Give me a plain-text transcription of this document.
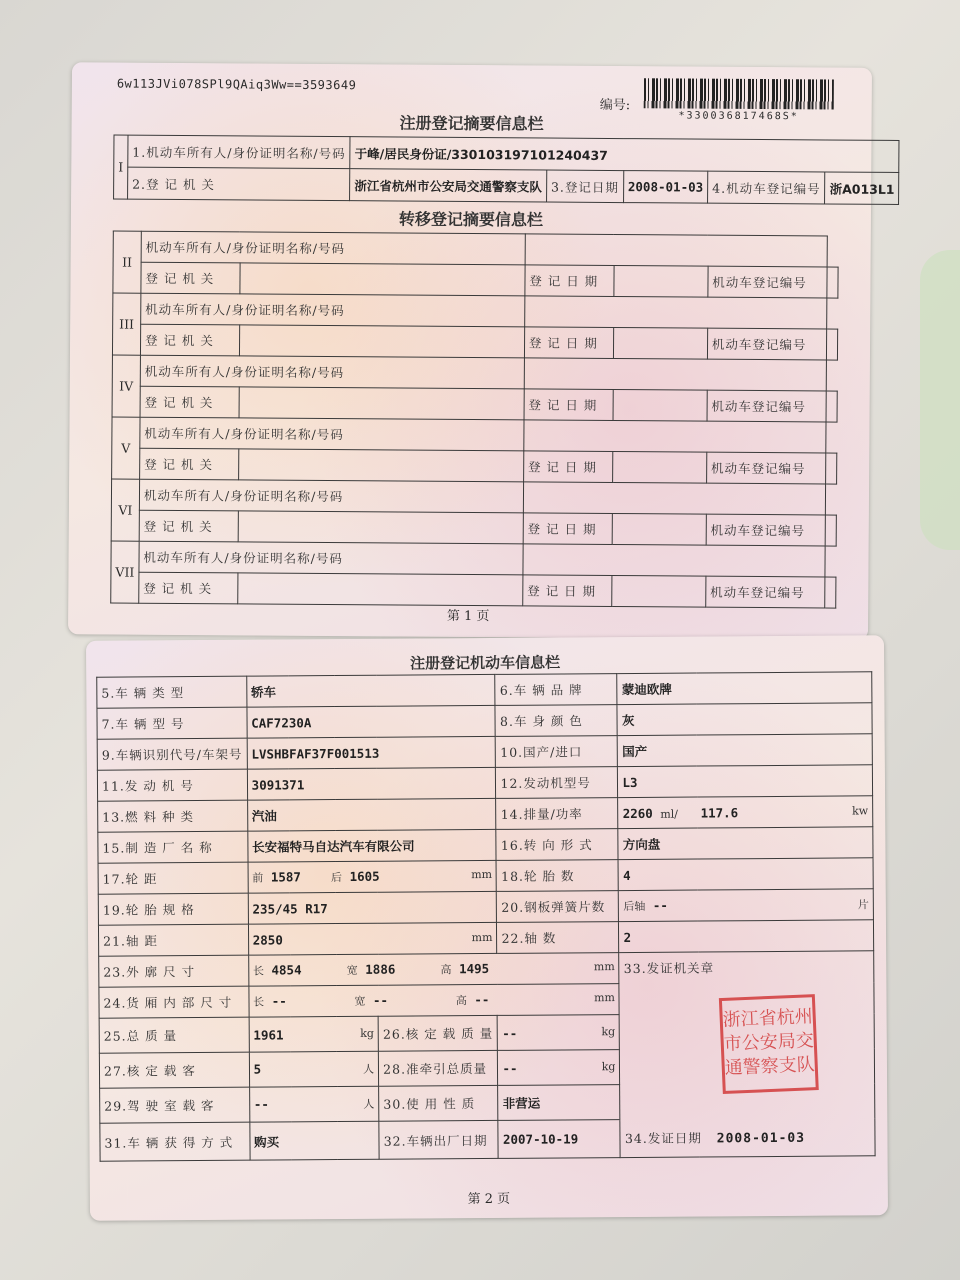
6w113JVi078SPl9QAiq3Ww==3593649
编号:
*330036817468S*
注册登记摘要信息栏
I	1.机动车所有人/身份证明名称/号码	于峰/居民身份证/330103197101240437				
	2.登 记 机 关	浙江省杭州市公安局交通警察支队	3.登记日期	2008-01-03	4.机动车登记编号	浙A013L1
转移登记摘要信息栏
II	机动车所有人/身份证明名称/号码					
	登 记 机 关		登 记 日 期		机动车登记编号	
III	机动车所有人/身份证明名称/号码					
	登 记 机 关		登 记 日 期		机动车登记编号	
IV	机动车所有人/身份证明名称/号码					
	登 记 机 关		登 记 日 期		机动车登记编号	
V	机动车所有人/身份证明名称/号码					
	登 记 机 关		登 记 日 期		机动车登记编号	
VI	机动车所有人/身份证明名称/号码					
	登 记 机 关		登 记 日 期		机动车登记编号	
VII	机动车所有人/身份证明名称/号码					
	登 记 机 关		登 记 日 期		机动车登记编号	
第 1 页
注册登记机动车信息栏
5.车 辆 类 型	轿车		6.车 辆 品 牌	蒙迪欧牌
7.车 辆 型 号	CAF7230A		8.车 身 颜 色	灰
9.车辆识别代号/车架号	LVSHBFAF37F001513		10.国产/进口	国产
11.发 动 机 号	3091371		12.发动机型号	L3
13.燃 料 种 类	汽油		14.排量/功率	2260 ml/ 117.6 kw

15.制 造 厂 名 称	长安福特马自达汽车有限公司		16.转 向 形 式	方向盘
17.轮 距	前 1587 后 1605 mm		18.轮 胎 数	4
19.轮 胎 规 格	235/45 R17		20.钢板弹簧片数	后轴 -- 片

21.轴 距	2850 mm		22.轴 数	2
23.外 廓 尺 寸	长 4854 宽 1886 高 1495 mm			33.发证机关章
24.货 厢 内 部 尺 寸	长 -- 宽 -- 高 -- mm			

25.总 质 量	1961 kg	26.核 定 载 质 量	-- kg	

27.核 定 载 客	5 人	28.准牵引总质量	-- kg	

29.驾 驶 室 载 客	-- 人	30.使 用 性 质	非营运	
31.车 辆 获 得 方 式	购买	32.车辆出厂日期	2007-10-19	34.发证日期 2008-01-03
浙江省杭州
市公安局交
通警察支队
第 2 页
